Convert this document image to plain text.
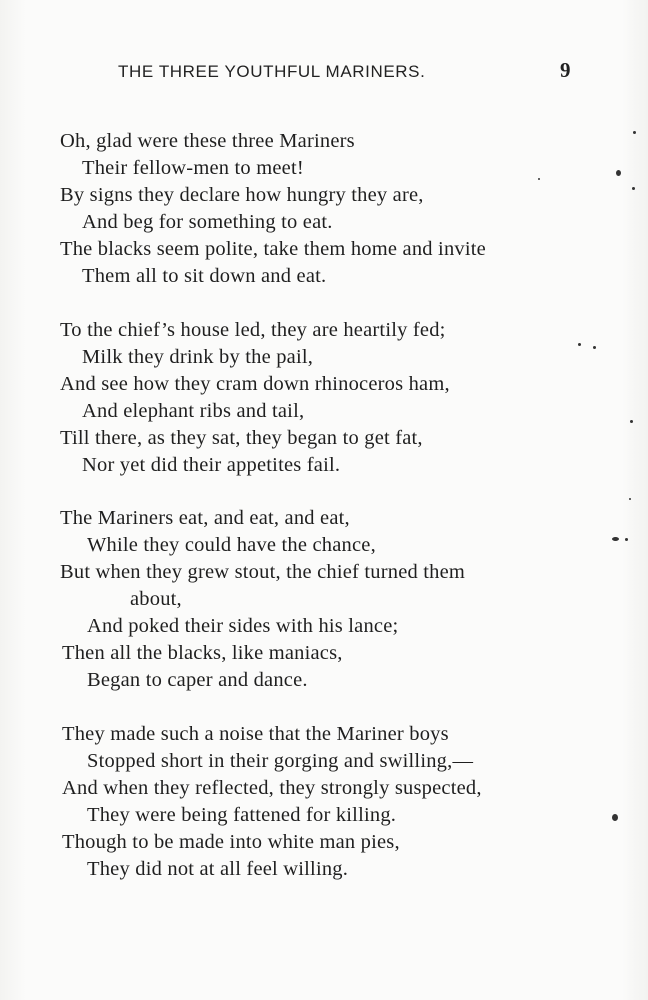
THE THREE YOUTHFUL MARINERS.	9
Oh, glad were these three Mariners
Their fellow-men to meet!
By signs they declare how hungry they are,
And beg for something to eat.
The blacks seem polite, take them home and invite
Them all to sit down and eat.
To the chief’s house led, they are heartily fed;
Milk they drink by the pail,
And see how they cram down rhinoceros ham,
And elephant ribs and tail,
Till there, as they sat, they began to get fat,
Nor yet did their appetites fail.
The Mariners eat, and eat, and eat,
While they could have the chance,
But when they grew stout, the chief turned them
about,
And poked their sides with his lance;
Then all the blacks, like maniacs,
Began to caper and dance.
They made such a noise that the Mariner boys
Stopped short in their gorging and swilling,—
And when they reflected, they strongly suspected,
They were being fattened for killing.
Though to be made into white man pies,
They did not at all feel willing.
